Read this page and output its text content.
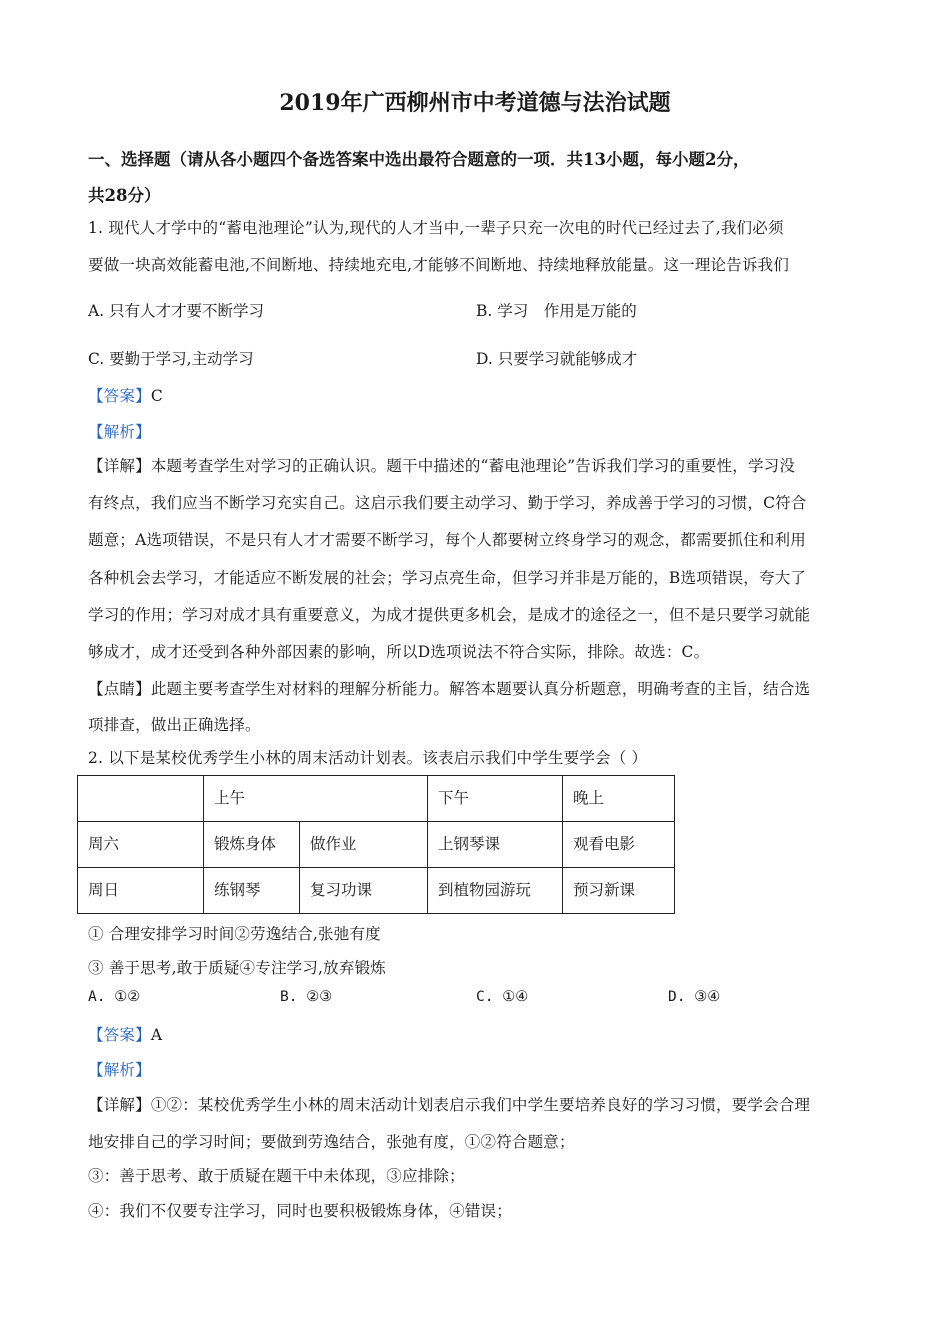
2019年广西柳州市中考道德与法治试题
一、选择题（请从各小题四个备选答案中选出最符合题意的一项．共13小题，每小题2分，
共28分）
1. 现代人才学中的“蓄电池理论”认为,现代的人才当中,一辈子只充一次电的时代已经过去了,我们必须
要做一块高效能蓄电池,不间断地、持续地充电,才能够不间断地、持续地释放能量。这一理论告诉我们
A. 只有人才才要不断学习	B. 学习　作用是万能的
C. 要勤于学习,主动学习	D. 只要学习就能够成才
【答案】C
【解析】
【详解】本题考查学生对学习的正确认识。题干中描述的“蓄电池理论”告诉我们学习的重要性，学习没
有终点，我们应当不断学习充实自己。这启示我们要主动学习、勤于学习，养成善于学习的习惯，C符合
题意；A选项错误，不是只有人才才需要不断学习，每个人都要树立终身学习的观念，都需要抓住和利用
各种机会去学习，才能适应不断发展的社会；学习点亮生命，但学习并非是万能的，B选项错误，夸大了
学习的作用；学习对成才具有重要意义，为成才提供更多机会，是成才的途径之一，但不是只要学习就能
够成才，成才还受到各种外部因素的影响，所以D选项说法不符合实际，排除。故选：C。
【点睛】此题主要考查学生对材料的理解分析能力。解答本题要认真分析题意，明确考查的主旨，结合选
项排查，做出正确选择。
2. 以下是某校优秀学生小林的周末活动计划表。该表启示我们中学生要学会（ ）
	上午		下午	晚上
周六	锻炼身体	做作业	上钢琴课	观看电影
周日	练钢琴	复习功课	到植物园游玩	预习新课
① 合理安排学习时间②劳逸结合,张弛有度
③ 善于思考,敢于质疑④专注学习,放弃锻炼
A. ①②	B. ②③	C. ①④	D. ③④
【答案】A
【解析】
【详解】①②：某校优秀学生小林的周末活动计划表启示我们中学生要培养良好的学习习惯，要学会合理
地安排自己的学习时间；要做到劳逸结合，张弛有度，①②符合题意；
③：善于思考、敢于质疑在题干中未体现，③应排除；
④：我们不仅要专注学习，同时也要积极锻炼身体，④错误；
